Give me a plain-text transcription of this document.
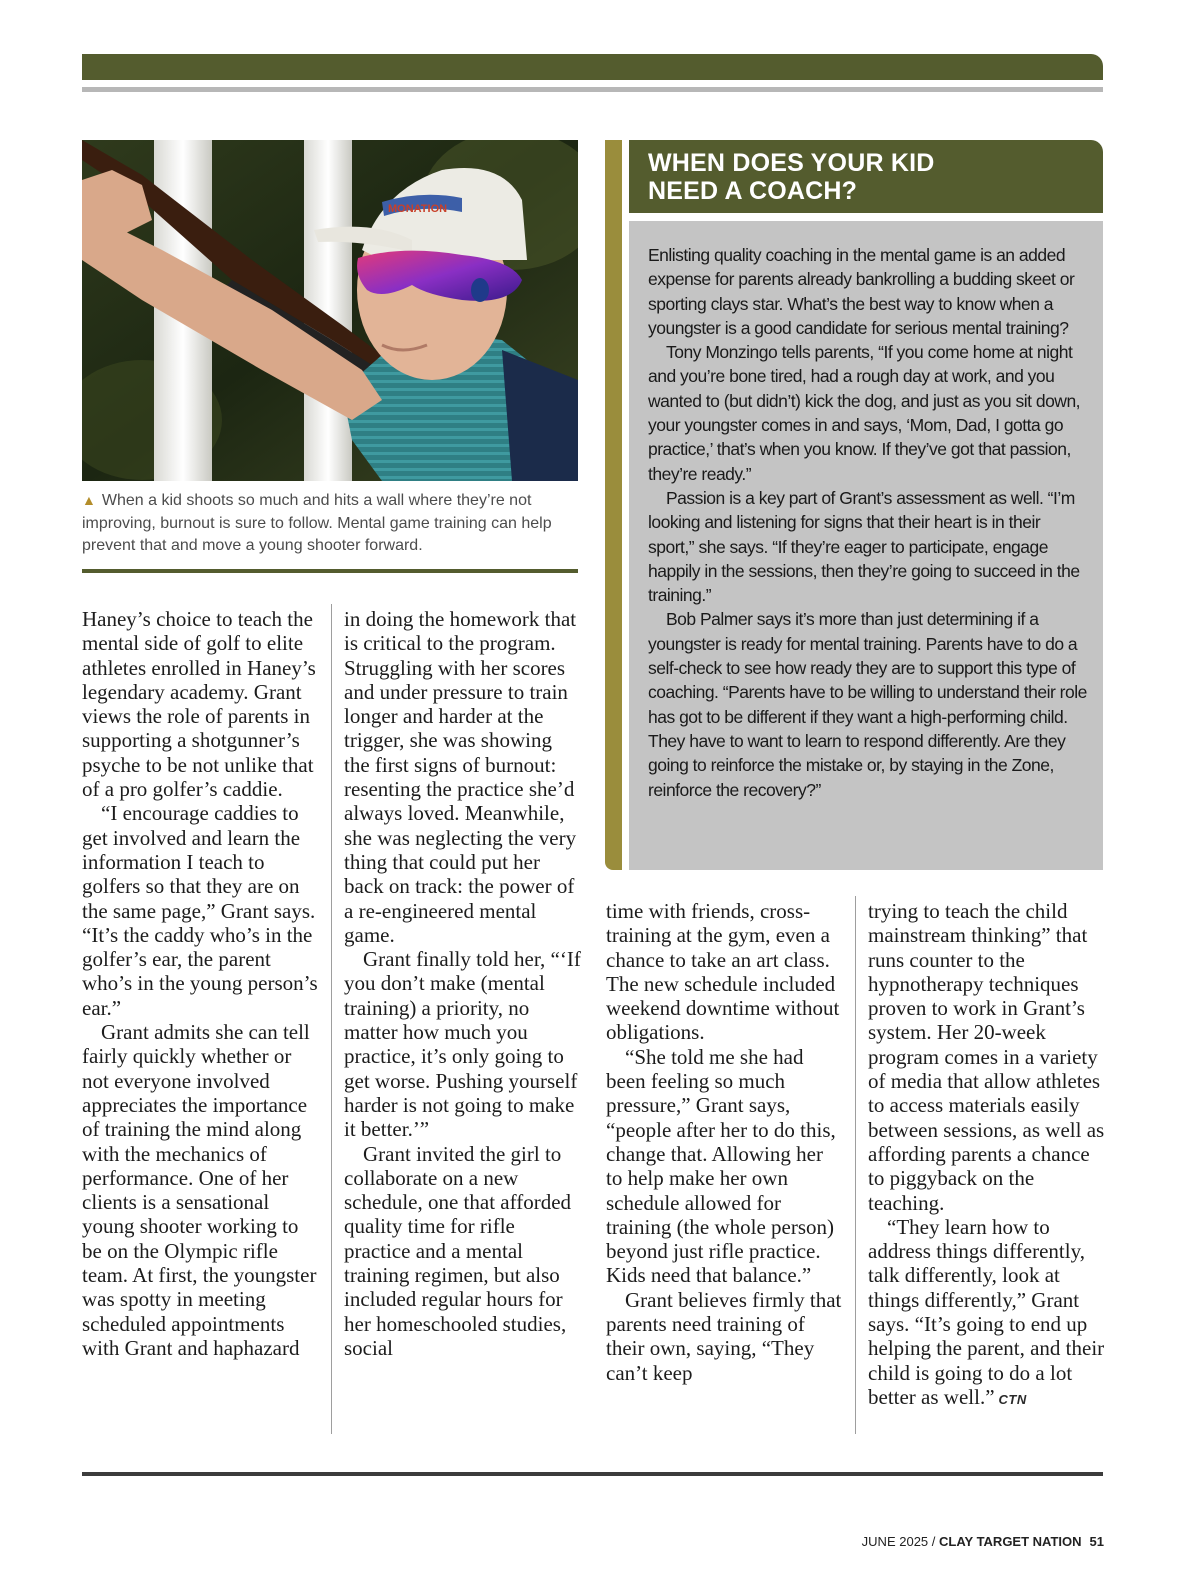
MONATION
▲ When a kid shoots so much and hits a wall where they’re not improving, burnout is sure to follow. Mental game training can help prevent that and move a young shooter forward.
WHEN DOES YOUR KID
NEED A COACH?

Enlisting quality coaching in the mental game is an added expense for parents already bankrolling a budding skeet or sporting clays star. What’s the best way to know when a youngster is a good candidate for serious mental training?

Tony Monzingo tells parents, “If you come home at night and you’re bone tired, had a rough day at work, and you wanted to (but didn’t) kick the dog, and just as you sit down, your youngster comes in and says, ‘Mom, Dad, I gotta go practice,’ that’s when you know. If they’ve got that passion, they’re ready.”

Passion is a key part of Grant’s assessment as well. “I’m looking and listening for signs that their heart is in their sport,” she says. “If they’re eager to participate, engage happily in the sessions, then they’re going to succeed in the training.”

Bob Palmer says it’s more than just determining if a youngster is ready for mental training. Parents have to do a self-check to see how ready they are to support this type of coaching. “Parents have to be willing to understand their role has got to be different if they want a high-performing child. They have to want to learn to respond differently. Are they going to reinforce the mistake or, by staying in the Zone, reinforce the recovery?”

Haney’s choice to teach the mental side of golf to elite athletes enrolled in Haney’s legendary academy. Grant views the role of parents in supporting a shotgunner’s psyche to be not unlike that of a pro golfer’s caddie.

“I encourage caddies to get involved and learn the information I teach to golfers so that they are on the same page,” Grant says. “It’s the caddy who’s in the golfer’s ear, the parent who’s in the young person’s ear.”

Grant admits she can tell fairly quickly whether or not everyone involved appreciates the importance of training the mind along with the mechanics of performance. One of her clients is a sensational young shooter working to be on the Olympic rifle team. At first, the youngster was spotty in meeting scheduled appointments with Grant and haphazard

in doing the homework that is critical to the program. Struggling with her scores and under pressure to train longer and harder at the trigger, she was showing the first signs of burnout: resenting the practice she’d always loved. Meanwhile, she was neglecting the very thing that could put her back on track: the power of a re-engineered mental game.

Grant finally told her, “‘If you don’t make (mental training) a priority, no matter how much you practice, it’s only going to get worse. Pushing yourself harder is not going to make it better.’”

Grant invited the girl to collaborate on a new schedule, one that afforded quality time for rifle practice and a mental training regimen, but also included regular hours for her homeschooled studies, social

time with friends, cross-training at the gym, even a chance to take an art class. The new schedule included weekend downtime without obligations.

“She told me she had been feeling so much pressure,” Grant says, “people after her to do this, change that. Allowing her to help make her own schedule allowed for training (the whole person) beyond just rifle practice. Kids need that balance.”

Grant believes firmly that parents need training of their own, saying, “They can’t keep

trying to teach the child mainstream thinking” that runs counter to the hypnotherapy techniques proven to work in Grant’s system. Her 20-week program comes in a variety of media that allow athletes to access materials easily between sessions, as well as affording parents a chance to piggyback on the teaching.

“They learn how to address things differently, talk differently, look at things differently,” Grant says. “It’s going to end up helping the parent, and their child is going to do a lot better as well.” CTN

JUNE 2025 / CLAY TARGET NATION 51
